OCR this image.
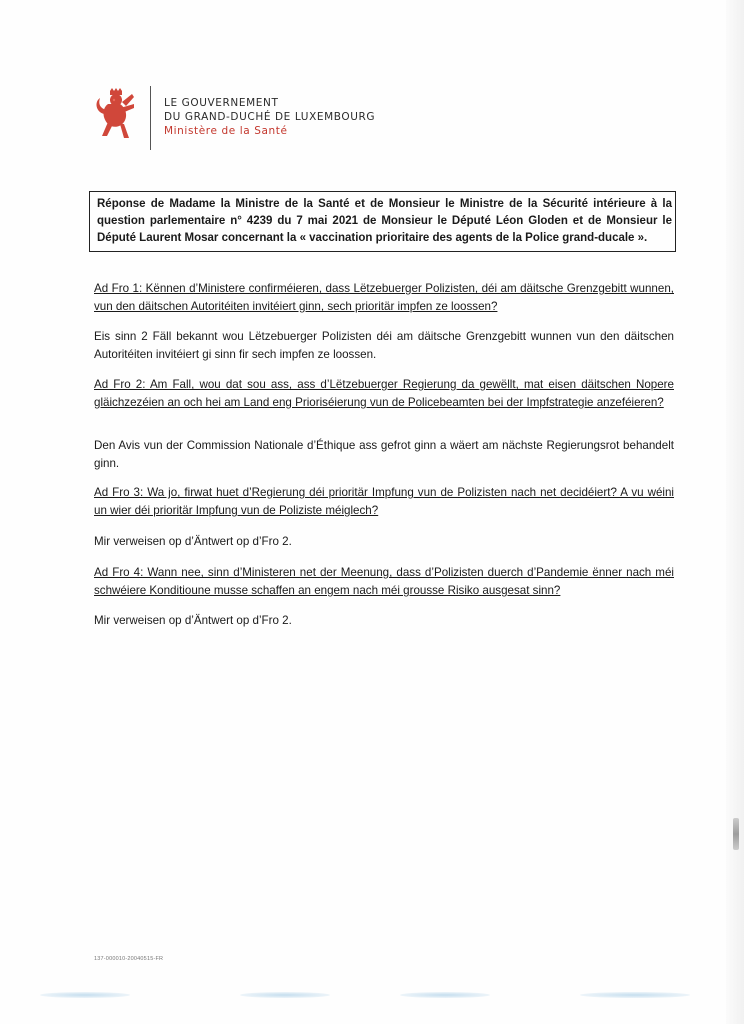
LE GOUVERNEMENT
DU GRAND-DUCHÉ DE LUXEMBOURG
Ministère de la Santé
Réponse de Madame la Ministre de la Santé et de Monsieur le Ministre de la Sécurité intérieure à la question parlementaire n° 4239 du 7 mai 2021 de Monsieur le Député Léon Gloden et de Monsieur le Député Laurent Mosar concernant la « vaccination prioritaire des agents de la Police grand-ducale ».
Ad Fro 1: Kënnen d’Ministere confirméieren, dass Lëtzebuerger Polizisten, déi am däitsche Grenzgebitt wunnen, vun den däitschen Autoritéiten invitéiert ginn, sech prioritär impfen ze loossen?
Eis sinn 2 Fäll bekannt wou Lëtzebuerger Polizisten déi am däitsche Grenzgebitt wunnen vun den däitschen Autoritéiten invitéiert gi sinn fir sech impfen ze loossen.
Ad Fro 2: Am Fall, wou dat sou ass, ass d’Lëtzebuerger Regierung da gewëllt, mat eisen däitschen Nopere gläichzezéien an och hei am Land eng Prioriséierung vun de Policebeamten bei der Impfstrategie anzeféieren?
Den Avis vun der Commission Nationale d’Éthique ass gefrot ginn a wäert am nächste Regierungsrot behandelt ginn.
Ad Fro 3: Wa jo, firwat huet d’Regierung déi prioritär Impfung vun de Polizisten nach net decidéiert? A vu wéini un wier déi prioritär Impfung vun de Poliziste méiglech?
Mir verweisen op d’Äntwert op d’Fro 2.
Ad Fro 4: Wann nee, sinn d’Ministeren net der Meenung, dass d’Polizisten duerch d’Pandemie ënner nach méi schwéiere Konditioune musse schaffen an engem nach méi grousse Risiko ausgesat sinn?
Mir verweisen op d’Äntwert op d’Fro 2.
137-000010-20040515-FR
